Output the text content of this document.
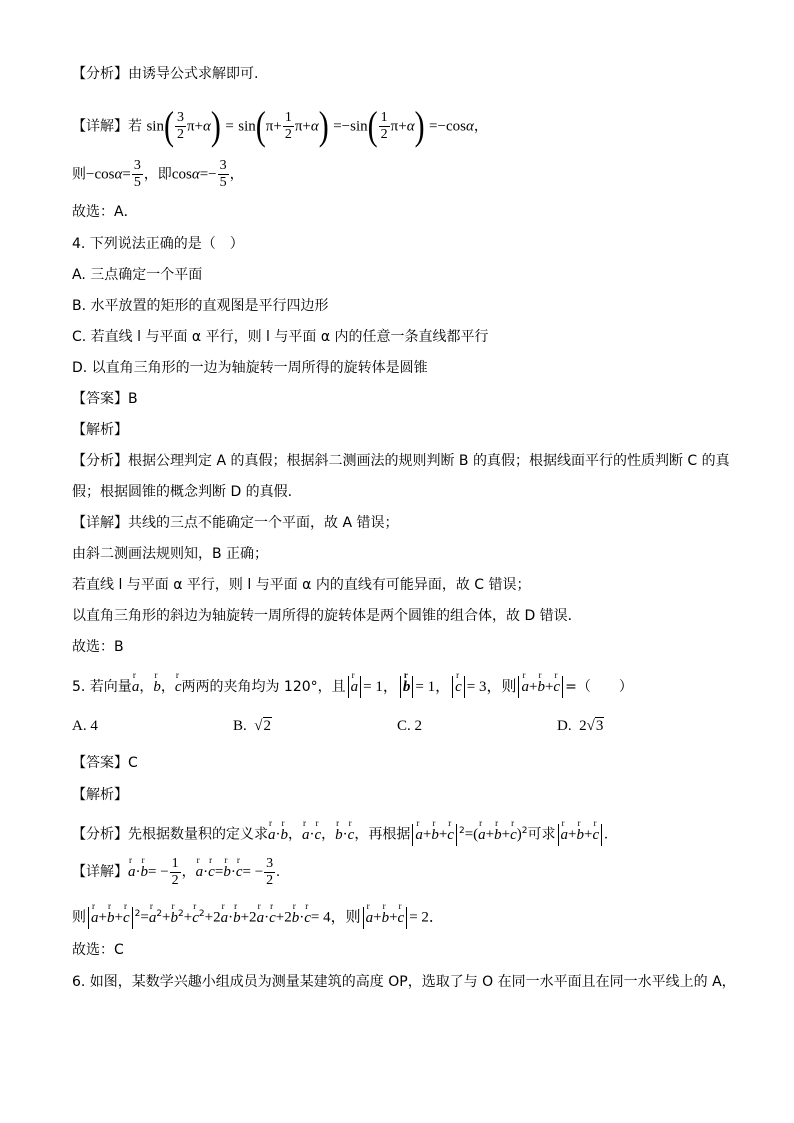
【分析】由诱导公式求解即可.
【详解】若 $\sin( \frac{3}{2} \pi+\alpha) = \sin(\pi+ \frac{1}{2} \pi+\alpha) =-\sin( \frac{1}{2} \pi+\alpha) =-\cos\alpha$，
则$-\cos\alpha= \frac{3}{5}$ ，即$\cos\alpha=- \frac{3}{5}$ ，
故选：A．
4. 下列说法正确的是（　）
A. 三点确定一个平面
B. 水平放置的矩形的直观图是平行四边形
C. 若直线 l 与平面 α 平行，则 l 与平面 α 内的任意一条直线都平行
D. 以直角三角形的一边为轴旋转一周所得的旋转体是圆锥
【答案】B
【解析】
【分析】根据公理判定 A 的真假；根据斜二测画法的规则判断 B 的真假；根据线面平行的性质判断 C 的真
假；根据圆锥的概念判断 D 的真假.
【详解】共线的三点不能确定一个平面，故 A 错误；
由斜二测画法规则知，B 正确；
若直线 l 与平面 α 平行，则 l 与平面 α 内的直线有可能异面，故 C 错误；
以直角三角形的斜边为轴旋转一周所得的旋转体是两个圆锥的组合体，故 D 错误．
故选：B
5. 若向量r a，r b，r c两两的夹角均为 120°，且 r a = 1， r b = 1， r c = 3，则 r a+r b+r c =（　　）
A. 4	B. √2	C. 2	D. 2√3
【答案】C
【解析】
【分析】先根据数量积的定义求r a·r b，r a·r c，r b·r c，再根据 r a+r b+r c $^2$=(r a+r b+r c)$^2$可求 r a+r b+r c .
【详解】r a·r $b= - \frac{1}{2}$ ，r a·r c=r b·r $c= - \frac{3}{2}$ .
则 r a+r b+r c $^2$=r $a^2+r$ $b^2+r$ $c^2+2r$ a·r b+2r a·r c+2r b·r c= 4，则 r a+r b+r c = 2．
故选：C
6. 如图，某数学兴趣小组成员为测量某建筑的高度 OP，选取了与 O 在同一水平面且在同一水平线上的 A，
